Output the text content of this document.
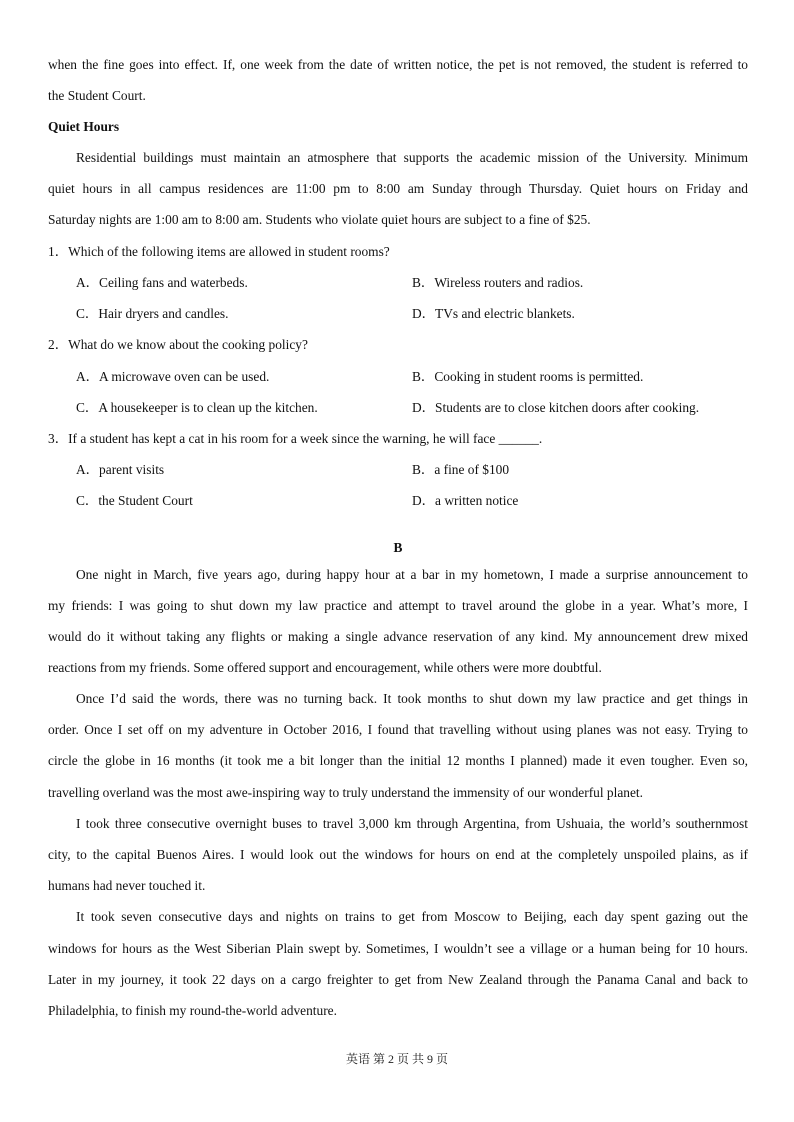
when the fine goes into effect. If, one week from the date of written notice, the pet is not removed, the student is referred to
the Student Court.
Quiet Hours
Residential buildings must maintain an atmosphere that supports the academic mission of the University. Minimum
quiet hours in all campus residences are 11:00 pm to 8:00 am Sunday through Thursday. Quiet hours on Friday and
Saturday nights are 1:00 am to 8:00 am. Students who violate quiet hours are subject to a fine of $25.
1．Which of the following items are allowed in student rooms?
A．Ceiling fans and waterbeds.	B．Wireless routers and radios.
C．Hair dryers and candles.	D．TVs and electric blankets.
2．What do we know about the cooking policy?
A．A microwave oven can be used.	B．Cooking in student rooms is permitted.
C．A housekeeper is to clean up the kitchen.	D．Students are to close kitchen doors after cooking.
3．If a student has kept a cat in his room for a week since the warning, he will face ______.
A．parent visits	B．a fine of $100
C．the Student Court	D．a written notice
B
One night in March, five years ago, during happy hour at a bar in my hometown, I made a surprise announcement to
my friends: I was going to shut down my law practice and attempt to travel around the globe in a year. What’s more, I
would do it without taking any flights or making a single advance reservation of any kind. My announcement drew mixed
reactions from my friends. Some offered support and encouragement, while others were more doubtful.
Once I’d said the words, there was no turning back. It took months to shut down my law practice and get things in
order. Once I set off on my adventure in October 2016, I found that travelling without using planes was not easy. Trying to
circle the globe in 16 months (it took me a bit longer than the initial 12 months I planned) made it even tougher. Even so,
travelling overland was the most awe-inspiring way to truly understand the immensity of our wonderful planet.
I took three consecutive overnight buses to travel 3,000 km through Argentina, from Ushuaia, the world’s southernmost
city, to the capital Buenos Aires. I would look out the windows for hours on end at the completely unspoiled plains, as if
humans had never touched it.
It took seven consecutive days and nights on trains to get from Moscow to Beijing, each day spent gazing out the
windows for hours as the West Siberian Plain swept by. Sometimes, I wouldn’t see a village or a human being for 10 hours.
Later in my journey, it took 22 days on a cargo freighter to get from New Zealand through the Panama Canal and back to
Philadelphia, to finish my round-the-world adventure.
英语 第 2 页 共 9 页
